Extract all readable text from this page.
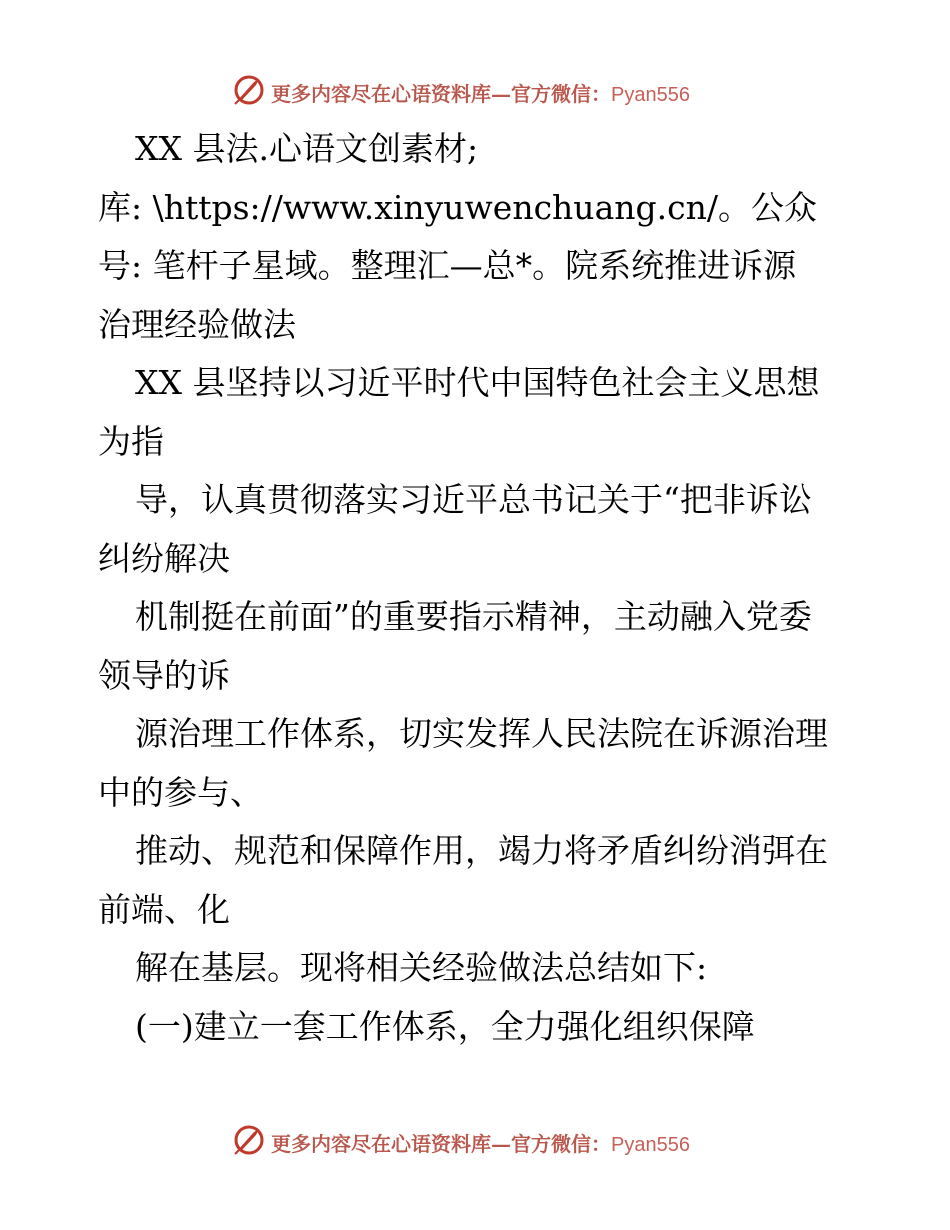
更多内容尽在心语资料库—官方微信：Pyan556
XX 县法.心语文创素材;
库: \https://www.xinyuwenchuang.cn/。公众
号: 笔杆子星域。整理汇—总*。院系统推进诉源
治理经验做法
XX 县坚持以习近平时代中国特色社会主义思想
为指
导，认真贯彻落实习近平总书记关于“把非诉讼
纠纷解决
机制挺在前面”的重要指示精神，主动融入党委
领导的诉
源治理工作体系，切实发挥人民法院在诉源治理
中的参与、
推动、规范和保障作用，竭力将矛盾纠纷消弭在
前端、化
解在基层。现将相关经验做法总结如下:
(一)建立一套工作体系，全力强化组织保障
更多内容尽在心语资料库—官方微信：Pyan556
